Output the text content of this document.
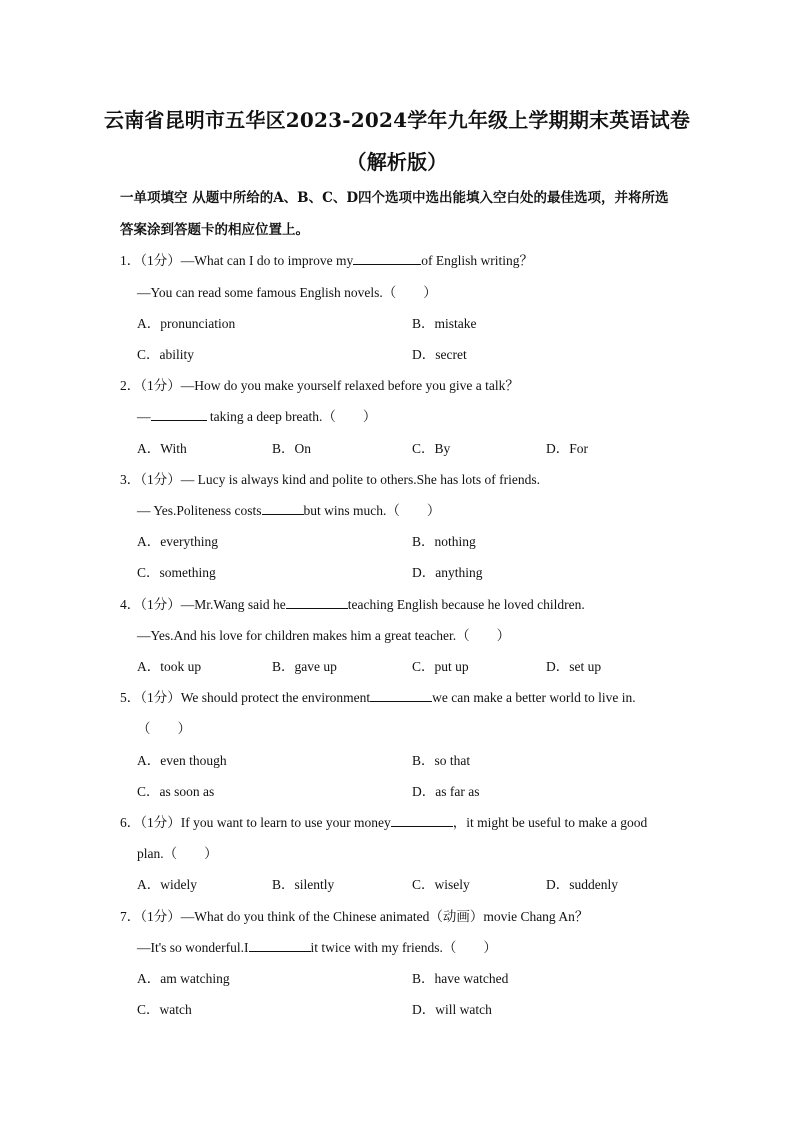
云南省昆明市五华区2023-2024学年九年级上学期期末英语试卷
（解析版）
一单项填空 从题中所给的A、B、C、D四个选项中选出能填入空白处的最佳选项，并将所选答案涂到答题卡的相应位置上。
1．（1分）—What can I do to improve my	of English writing？
—You can read some famous English novels.（　　）
A．pronunciation	B．mistake
C．ability	D．secret
2．（1分）—How do you make yourself relaxed before you give a talk？
—	taking a deep breath.（　　）
A．With	B．On	C．By	D．For
3．（1分）— Lucy is always kind and polite to others.She has lots of friends.
— Yes.Politeness costs	but wins much.（　　）
A．everything	B．nothing
C．something	D．anything
4．（1分）—Mr.Wang said he	teaching English because he loved children.
—Yes.And his love for children makes him a great teacher.（　　）
A．took up	B．gave up	C．put up	D．set up
5．（1分）We should protect the environment	we can make a better world to live in.
（　　）
A．even though	B．so that
C．as soon as	D．as far as
6．（1分）If you want to learn to use your money	，it might be useful to make a good
plan.（　　）
A．widely	B．silently	C．wisely	D．suddenly
7．（1分）—What do you think of the Chinese animated（动画）movie Chang An？
—It's so wonderful.I	it twice with my friends.（　　）
A．am watching	B．have watched
C．watch	D．will watch
